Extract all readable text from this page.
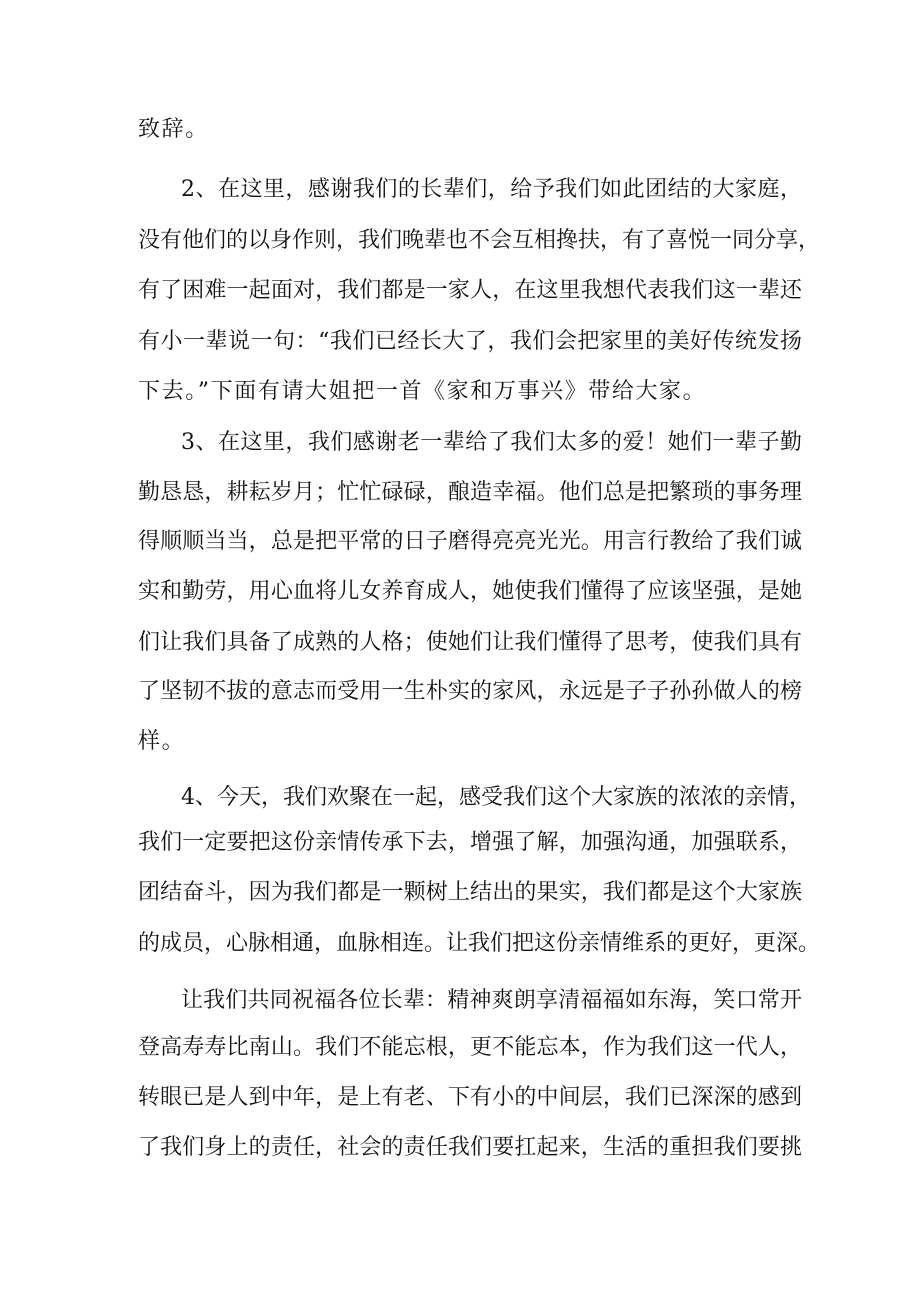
致辞。
2、在这里，感谢我们的长辈们，给予我们如此团结的大家庭，
没有他们的以身作则，我们晚辈也不会互相搀扶，有了喜悦一同分享，
有了困难一起面对，我们都是一家人，在这里我想代表我们这一辈还
有小一辈说一句：“我们已经长大了，我们会把家里的美好传统发扬
下去。”下面有请大姐把一首《家和万事兴》带给大家。
3、在这里，我们感谢老一辈给了我们太多的爱！她们一辈子勤
勤恳恳，耕耘岁月；忙忙碌碌，酿造幸福。他们总是把繁琐的事务理
得顺顺当当，总是把平常的日子磨得亮亮光光。用言行教给了我们诚
实和勤劳，用心血将儿女养育成人，她使我们懂得了应该坚强，是她
们让我们具备了成熟的人格；使她们让我们懂得了思考，使我们具有
了坚韧不拔的意志而受用一生朴实的家风，永远是子子孙孙做人的榜
样。
4、今天，我们欢聚在一起，感受我们这个大家族的浓浓的亲情，
我们一定要把这份亲情传承下去，增强了解，加强沟通，加强联系，
团结奋斗，因为我们都是一颗树上结出的果实，我们都是这个大家族
的成员，心脉相通，血脉相连。让我们把这份亲情维系的更好，更深。
让我们共同祝福各位长辈：精神爽朗享清福福如东海，笑口常开
登高寿寿比南山。我们不能忘根，更不能忘本，作为我们这一代人，
转眼已是人到中年，是上有老、下有小的中间层，我们已深深的感到
了我们身上的责任，社会的责任我们要扛起来，生活的重担我们要挑
